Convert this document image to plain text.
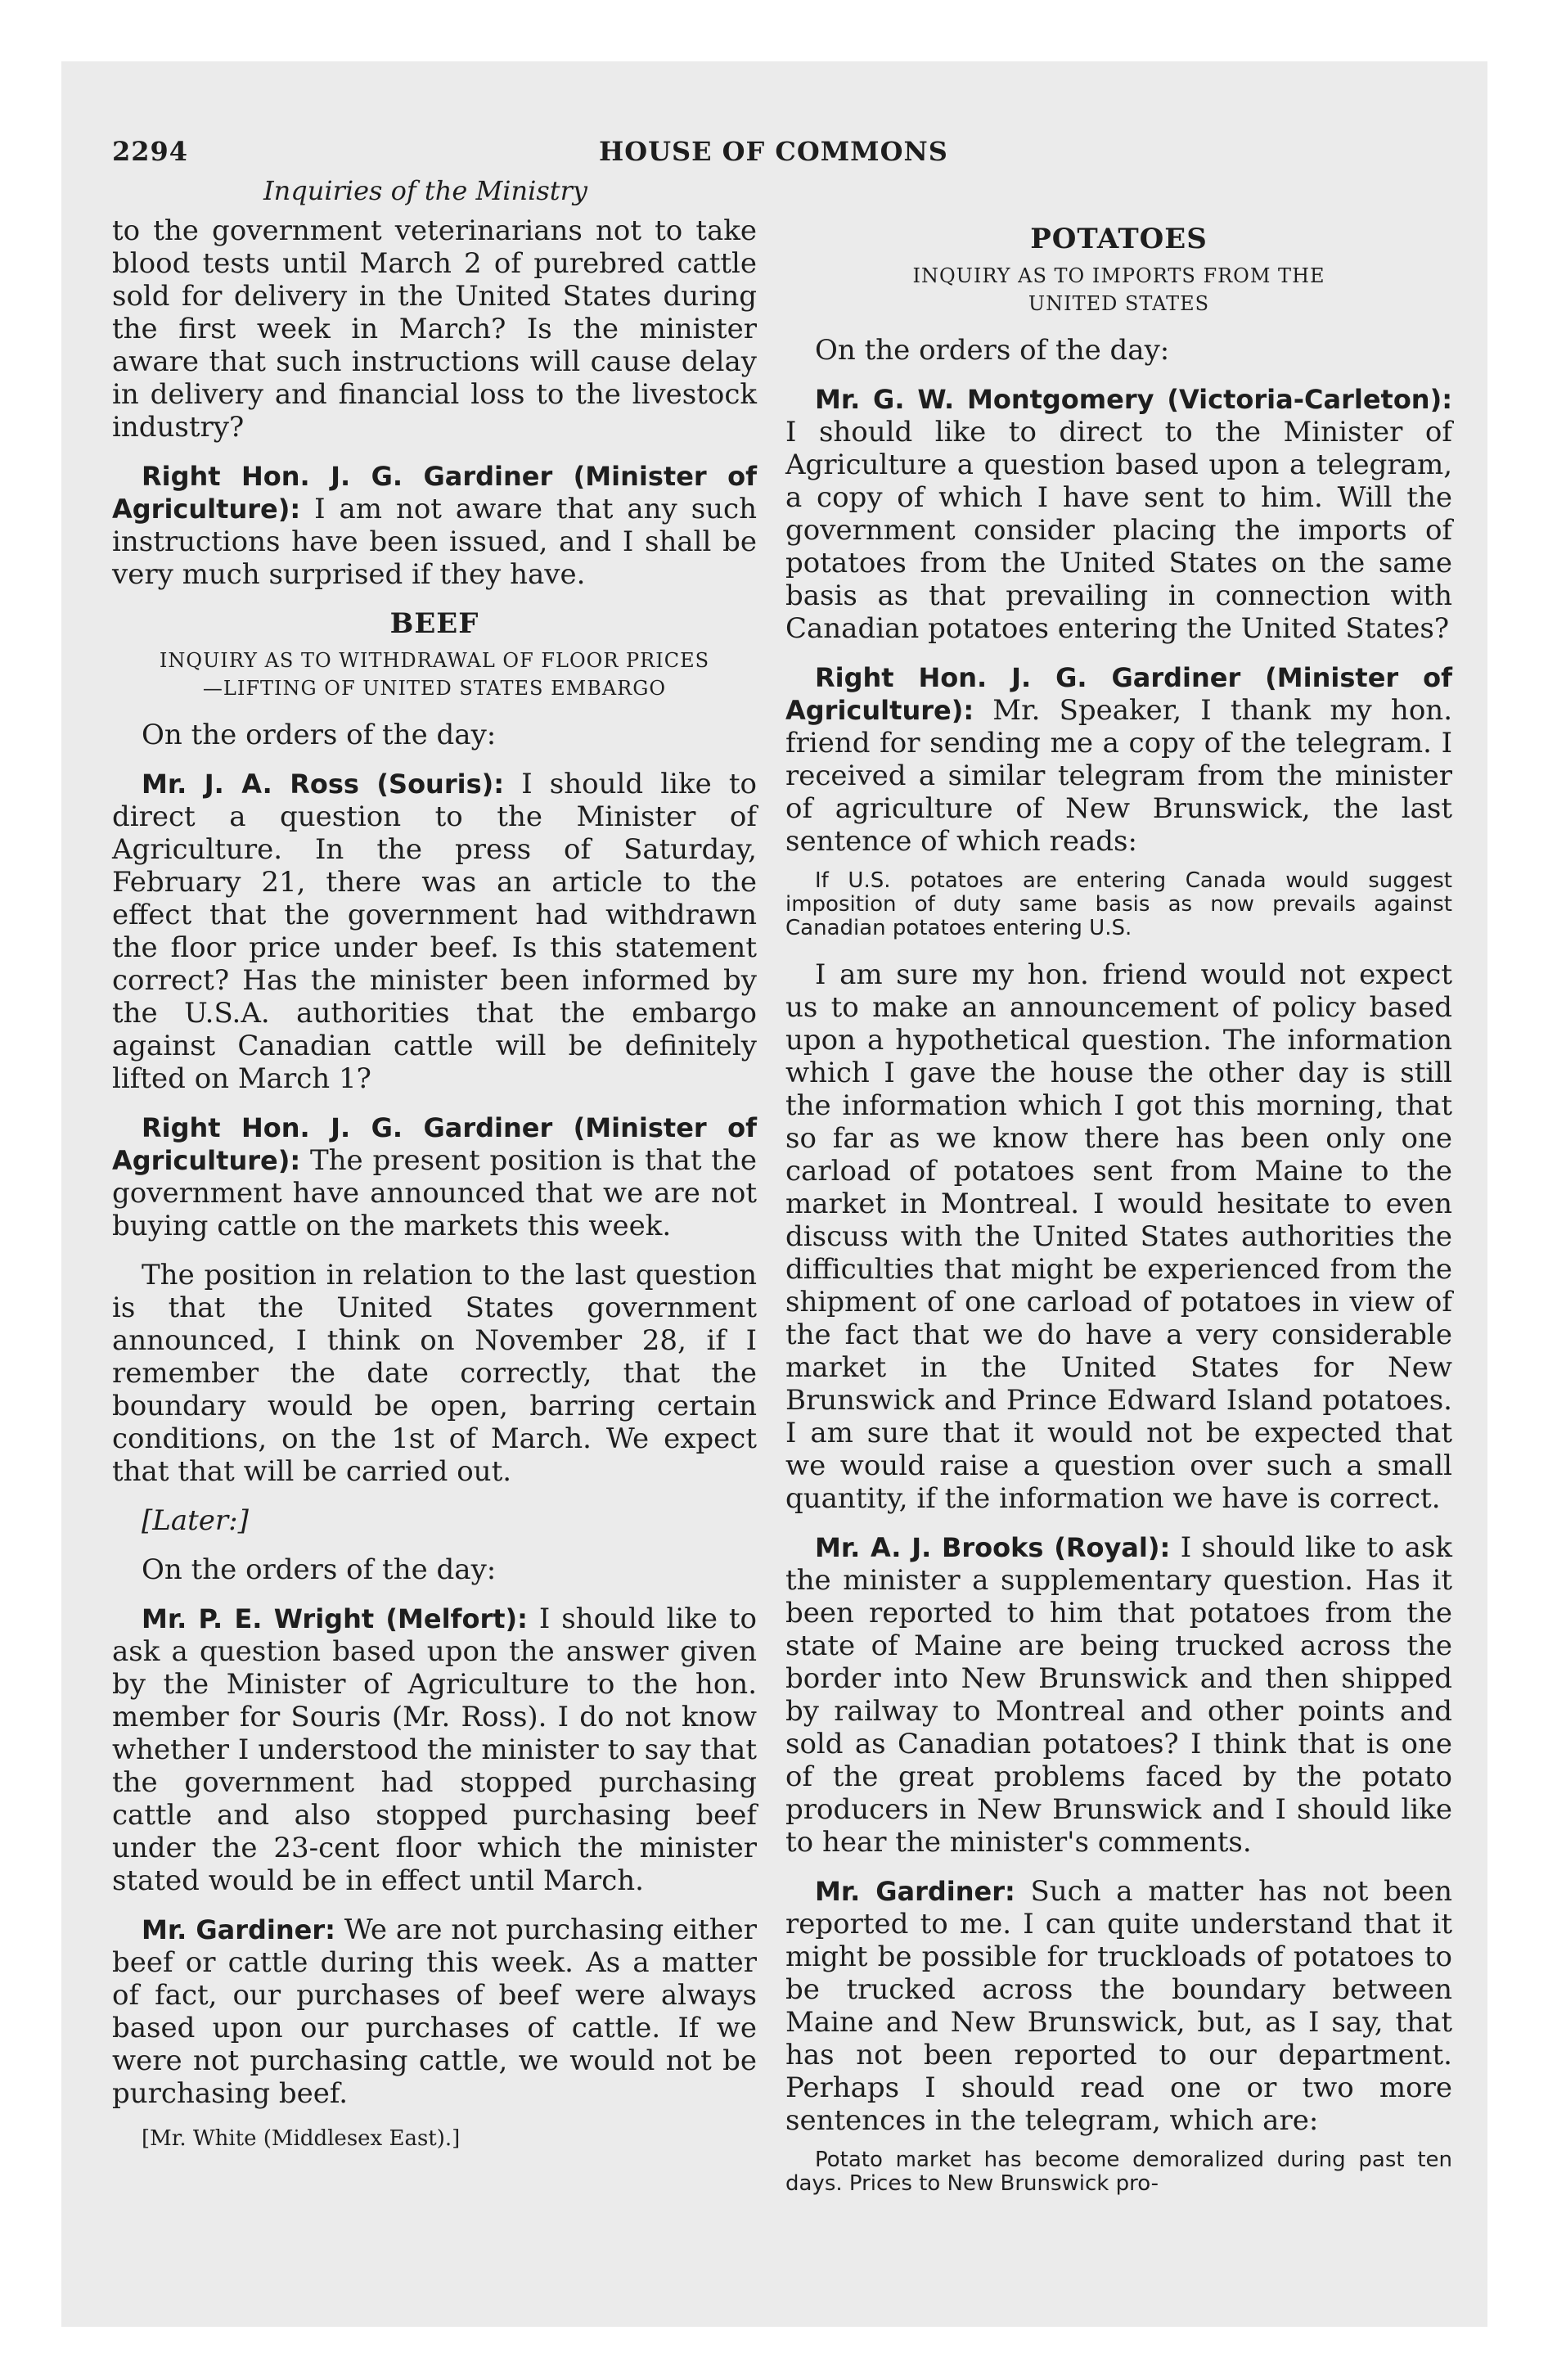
2294	HOUSE OF COMMONS
Inquiries of the Ministry

to the government veterinarians not to take blood tests until March 2 of purebred cattle sold for delivery in the United States during the first week in March? Is the minister aware that such instructions will cause delay in delivery and financial loss to the livestock industry?

Right Hon. J. G. Gardiner (Minister of Agriculture): I am not aware that any such instructions have been issued, and I shall be very much surprised if they have.

BEEF
INQUIRY AS TO WITHDRAWAL OF FLOOR PRICES
—LIFTING OF UNITED STATES EMBARGO

On the orders of the day:

Mr. J. A. Ross (Souris): I should like to direct a question to the Minister of Agriculture. In the press of Saturday, February 21, there was an article to the effect that the government had withdrawn the floor price under beef. Is this statement correct? Has the minister been informed by the U.S.A. authorities that the embargo against Canadian cattle will be definitely lifted on March 1?

Right Hon. J. G. Gardiner (Minister of Agriculture): The present position is that the government have announced that we are not buying cattle on the markets this week.

The position in relation to the last question is that the United States government announced, I think on November 28, if I remember the date correctly, that the boundary would be open, barring certain conditions, on the 1st of March. We expect that that will be carried out.

[Later:]

On the orders of the day:

Mr. P. E. Wright (Melfort): I should like to ask a question based upon the answer given by the Minister of Agriculture to the hon. member for Souris (Mr. Ross). I do not know whether I understood the minister to say that the government had stopped purchasing cattle and also stopped purchasing beef under the 23-cent floor which the minister stated would be in effect until March.

Mr. Gardiner: We are not purchasing either beef or cattle during this week. As a matter of fact, our purchases of beef were always based upon our purchases of cattle. If we were not purchasing cattle, we would not be purchasing beef.

[Mr. White (Middlesex East).]

POTATOES
INQUIRY AS TO IMPORTS FROM THE
UNITED STATES

On the orders of the day:

Mr. G. W. Montgomery (Victoria-Carleton): I should like to direct to the Minister of Agriculture a question based upon a telegram, a copy of which I have sent to him. Will the government consider placing the imports of potatoes from the United States on the same basis as that prevailing in connection with Canadian potatoes entering the United States?

Right Hon. J. G. Gardiner (Minister of Agriculture): Mr. Speaker, I thank my hon. friend for sending me a copy of the telegram. I received a similar telegram from the minister of agriculture of New Brunswick, the last sentence of which reads:

If U.S. potatoes are entering Canada would suggest imposition of duty same basis as now prevails against Canadian potatoes entering U.S.

I am sure my hon. friend would not expect us to make an announcement of policy based upon a hypothetical question. The information which I gave the house the other day is still the information which I got this morning, that so far as we know there has been only one carload of potatoes sent from Maine to the market in Montreal. I would hesitate to even discuss with the United States authorities the difficulties that might be experienced from the shipment of one carload of potatoes in view of the fact that we do have a very considerable market in the United States for New Brunswick and Prince Edward Island potatoes. I am sure that it would not be expected that we would raise a question over such a small quantity, if the information we have is correct.

Mr. A. J. Brooks (Royal): I should like to ask the minister a supplementary question. Has it been reported to him that potatoes from the state of Maine are being trucked across the border into New Brunswick and then shipped by railway to Montreal and other points and sold as Canadian potatoes? I think that is one of the great problems faced by the potato producers in New Brunswick and I should like to hear the minister's comments.

Mr. Gardiner: Such a matter has not been reported to me. I can quite understand that it might be possible for truckloads of potatoes to be trucked across the boundary between Maine and New Brunswick, but, as I say, that has not been reported to our department. Perhaps I should read one or two more sentences in the telegram, which are:

Potato market has become demoralized during past ten days. Prices to New Brunswick pro-
